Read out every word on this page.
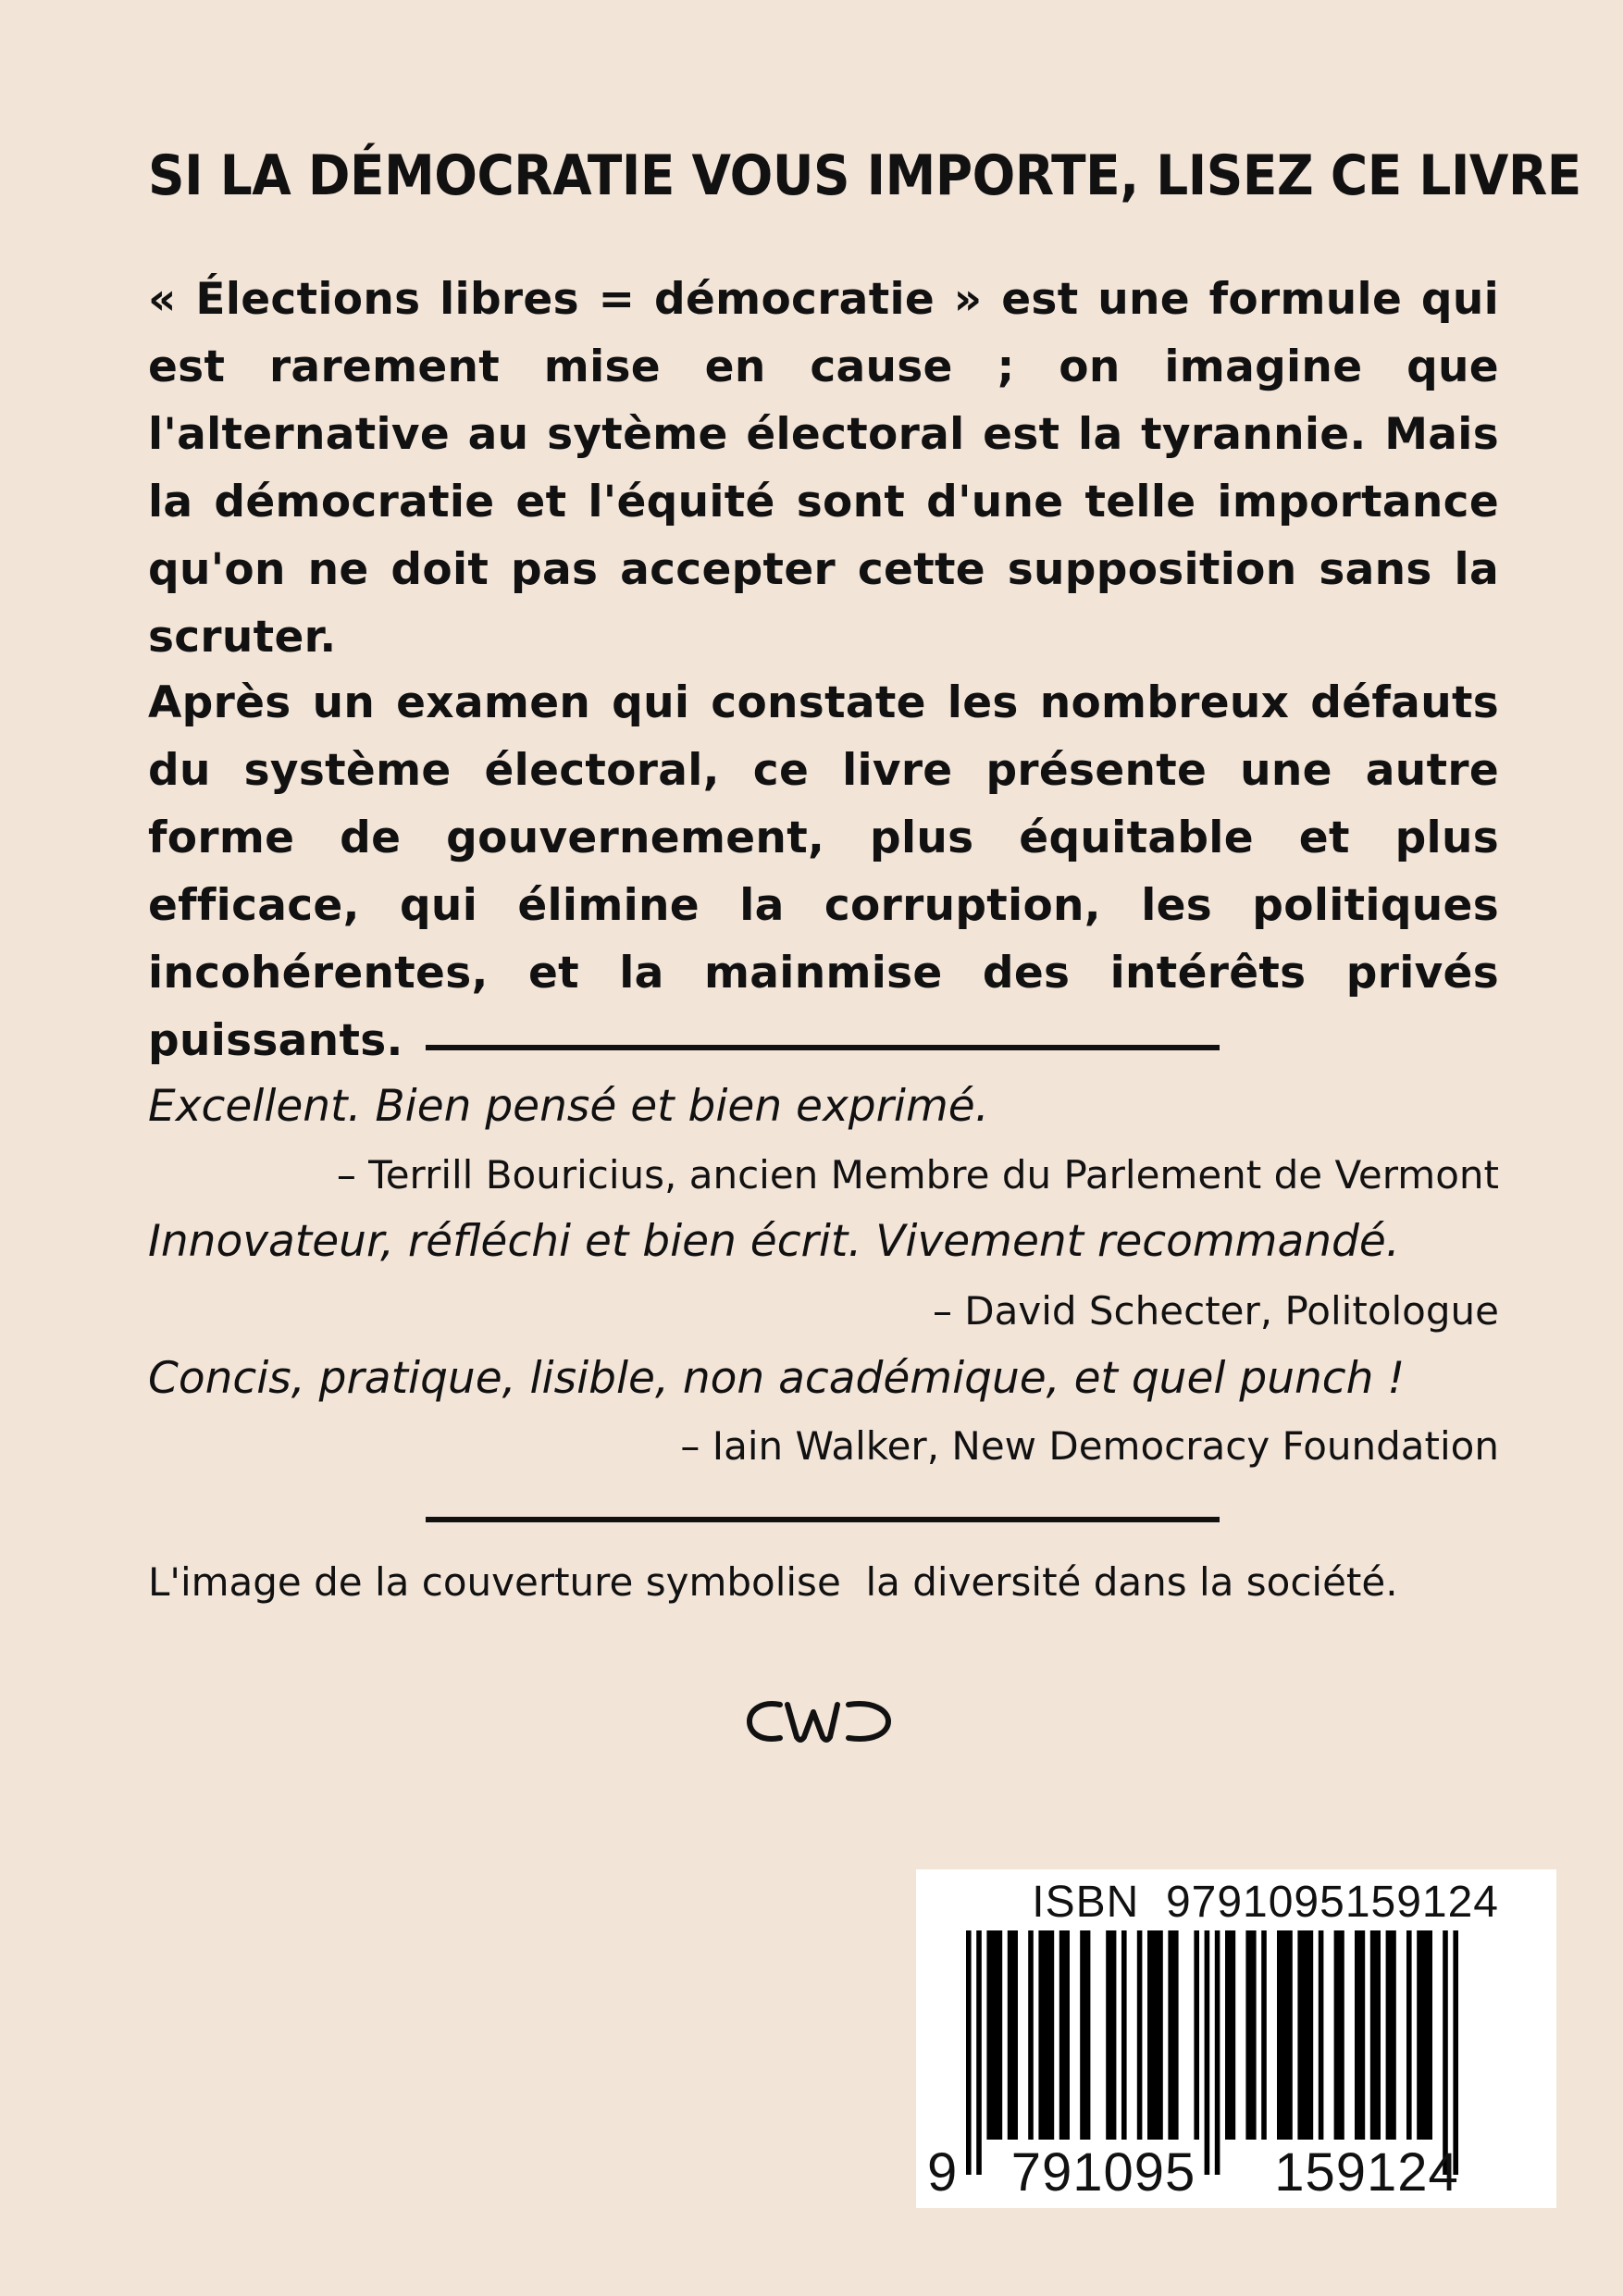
SI LA DÉMOCRATIE VOUS IMPORTE, LISEZ CE LIVRE

« Élections libres = démocratie » est une formule qui est rarement mise en cause ; on imagine que l'alternative au sytème électoral est la tyrannie. Mais la démocratie et l'équité sont d'une telle importance qu'on ne doit pas accepter cette supposition sans la scruter.

Après un examen qui constate les nombreux défauts du système électoral, ce livre présente une autre forme de gouvernement, plus équitable et plus efficace, qui élimine la corruption, les politiques incohérentes, et la mainmise des intérêts privés puissants.

Excellent. Bien pensé et bien exprimé.

– Terrill Bouricius, ancien Membre du Parlement de Vermont

Innovateur, réfléchi et bien écrit. Vivement recommandé.

– David Schecter, Politologue

Concis, pratique, lisible, non académique, et quel punch !

– Iain Walker, New Democracy Foundation

L'image de la couverture symbolise  la diversité dans la société.

ISBN  9791095159124

9 791095	159124
